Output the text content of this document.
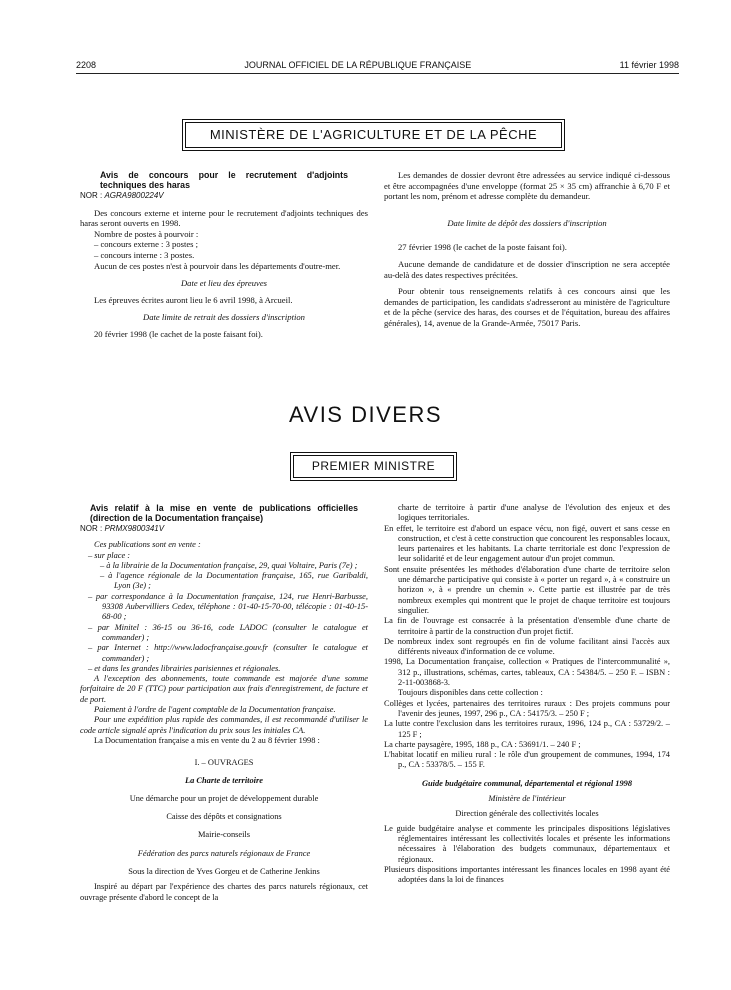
2208	JOURNAL OFFICIEL DE LA RÉPUBLIQUE FRANÇAISE	11 février 1998
MINISTÈRE DE L'AGRICULTURE ET DE LA PÊCHE

Avis de concours pour le recrutement d'adjoints techniques des haras

NOR : AGRA9800224V

Des concours externe et interne pour le recrutement d'adjoints techniques des haras seront ouverts en 1998.

Nombre de postes à pourvoir :

– concours externe : 3 postes ;

– concours interne : 3 postes.

Aucun de ces postes n'est à pourvoir dans les départements d'outre-mer.

Date et lieu des épreuves

Les épreuves écrites auront lieu le 6 avril 1998, à Arcueil.

Date limite de retrait des dossiers d'inscription

20 février 1998 (le cachet de la poste faisant foi).

Les demandes de dossier devront être adressées au service indiqué ci-dessous et être accompagnées d'une enveloppe (format 25 × 35 cm) affranchie à 6,70 F et portant les nom, prénom et adresse complète du demandeur.

Date limite de dépôt des dossiers d'inscription

27 février 1998 (le cachet de la poste faisant foi).

Aucune demande de candidature et de dossier d'inscription ne sera acceptée au-delà des dates respectives précitées.

Pour obtenir tous renseignements relatifs à ces concours ainsi que les demandes de participation, les candidats s'adresseront au ministère de l'agriculture et de la pêche (service des haras, des courses et de l'équitation, bureau des affaires générales), 14, avenue de la Grande-Armée, 75017 Paris.

AVIS DIVERS
PREMIER MINISTRE

Avis relatif à la mise en vente de publications officielles (direction de la Documentation française)

NOR : PRMX9800341V

Ces publications sont en vente :

– sur place :

– à la librairie de la Documentation française, 29, quai Voltaire, Paris (7e) ;

– à l'agence régionale de la Documentation française, 165, rue Garibaldi, Lyon (3e) ;

– par correspondance à la Documentation française, 124, rue Henri-Barbusse, 93308 Aubervilliers Cedex, téléphone : 01-40-15-70-00, télécopie : 01-40-15-68-00 ;

– par Minitel : 36-15 ou 36-16, code LADOC (consulter le catalogue et commander) ;

– par Internet : http://www.ladocfrançaise.gouv.fr (consulter le catalogue et commander) ;

– et dans les grandes librairies parisiennes et régionales.

A l'exception des abonnements, toute commande est majorée d'une somme forfaitaire de 20 F (TTC) pour participation aux frais d'enregistrement, de facture et de port.

Paiement à l'ordre de l'agent comptable de la Documentation française.

Pour une expédition plus rapide des commandes, il est recommandé d'utiliser le code article signalé après l'indication du prix sous les initiales CA.

La Documentation française a mis en vente du 2 au 8 février 1998 :

I. – OUVRAGES

La Charte de territoire

Une démarche pour un projet de développement durable

Caisse des dépôts et consignations

Mairie-conseils

Fédération des parcs naturels régionaux de France

Sous la direction de Yves Gorgeu et de Catherine Jenkins

Inspiré au départ par l'expérience des chartes des parcs naturels régionaux, cet ouvrage présente d'abord le concept de la

charte de territoire à partir d'une analyse de l'évolution des enjeux et des logiques territoriales.

En effet, le territoire est d'abord un espace vécu, non figé, ouvert et sans cesse en construction, et c'est à cette construction que concourent les responsables locaux, leurs partenaires et les habitants. La charte territoriale est donc l'expression de leur solidarité et de leur engagement autour d'un projet commun.

Sont ensuite présentées les méthodes d'élaboration d'une charte de territoire selon une démarche participative qui consiste à « porter un regard », à « construire un horizon », à « prendre un chemin ». Cette partie est illustrée par de très nombreux exemples qui montrent que le projet de chaque territoire est toujours singulier.

La fin de l'ouvrage est consacrée à la présentation d'ensemble d'une charte de territoire à partir de la construction d'un projet fictif.

De nombreux index sont regroupés en fin de volume facilitant ainsi l'accès aux différents niveaux d'information de ce volume.

1998, La Documentation française, collection « Pratiques de l'intercommunalité », 312 p., illustrations, schémas, cartes, tableaux, CA : 54384/5. – 250 F. – ISBN : 2-11-003868-3.

Toujours disponibles dans cette collection :

Collèges et lycées, partenaires des territoires ruraux : Des projets communs pour l'avenir des jeunes, 1997, 296 p., CA : 54175/3. – 250 F ;

La lutte contre l'exclusion dans les territoires ruraux, 1996, 124 p., CA : 53729/2. – 125 F ;

La charte paysagère, 1995, 188 p., CA : 53691/1. – 240 F ;

L'habitat locatif en milieu rural : le rôle d'un groupement de communes, 1994, 174 p., CA : 53378/5. – 155 F.

Guide budgétaire communal, départemental et régional 1998

Ministère de l'intérieur

Direction générale des collectivités locales

Le guide budgétaire analyse et commente les principales dispositions législatives réglementaires intéressant les collectivités locales et présente les informations nécessaires à l'élaboration des budgets communaux, départementaux et régionaux.

Plusieurs dispositions importantes intéressant les finances locales en 1998 ayant été adoptées dans la loi de finances
